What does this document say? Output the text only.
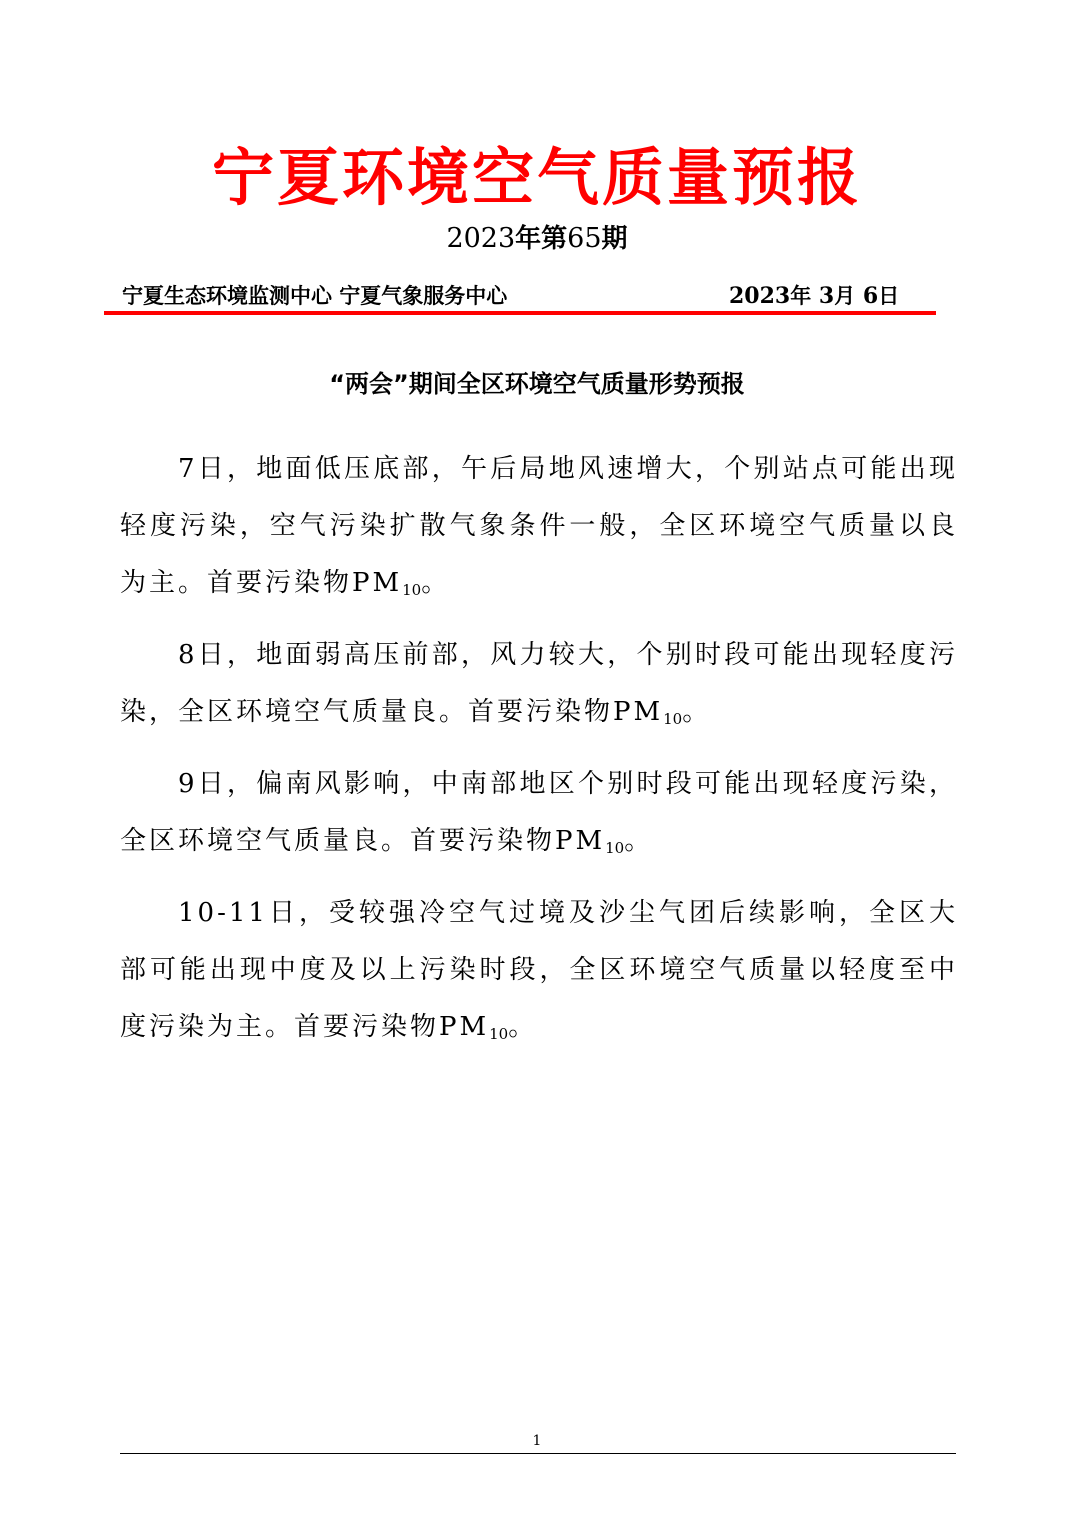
宁夏环境空气质量预报
2023年第65期
宁夏生态环境监测中心 宁夏气象服务中心	2023年 3月 6日
“两会”期间全区环境空气质量形势预报

7日，地面低压底部，午后局地风速增大，个别站点可能出现轻度污染，空气污染扩散气象条件一般，全区环境空气质量以良为主。首要污染物$PM_{10}$。

8日，地面弱高压前部，风力较大，个别时段可能出现轻度污染，全区环境空气质量良。首要污染物$PM_{10}$。

9日，偏南风影响，中南部地区个别时段可能出现轻度污染，全区环境空气质量良。首要污染物$PM_{10}$。

10-11日，受较强冷空气过境及沙尘气团后续影响，全区大部可能出现中度及以上污染时段，全区环境空气质量以轻度至中度污染为主。首要污染物$PM_{10}$。

1
